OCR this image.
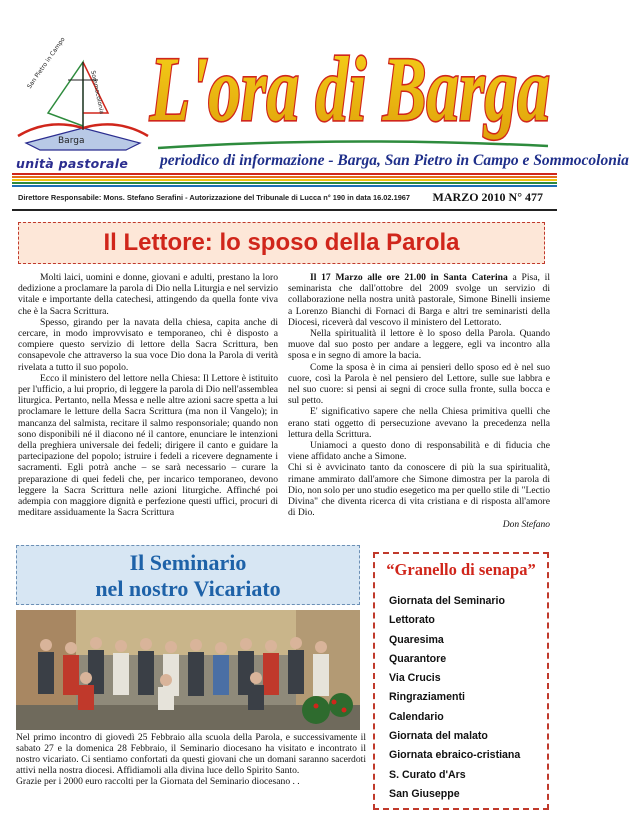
San Pietro in Campo
Sommocolonia
Barga
unità pastorale
L'ora di Barga
periodico di informazione - Barga, San Pietro in Campo e Sommocolonia
Direttore Responsabile: Mons. Stefano Serafini - Autorizzazione del Tribunale di Lucca n° 190 in data 16.02.1967 MARZO 2010 N° 477
Il Lettore: lo sposo della Parola

Molti laici, uomini e donne, giovani e adulti, prestano la loro dedizione a proclamare la parola di Dio nella Liturgia e nel servizio vitale e importante della catechesi, attingendo da quella fonte viva che è la Sacra Scrittura.

Spesso, girando per la navata della chiesa, capita anche di cercare, in modo improvvisato e temporaneo, chi è disposto a compiere questo servizio di lettore della Sacra Scrittura, ben consapevole che attraverso la sua voce Dio dona la Parola di verità rivelata a tutto il suo popolo.

Ecco il ministero del lettore nella Chiesa: Il Lettore è istituito per l'ufficio, a lui proprio, di leggere la parola di Dio nell'assemblea liturgica. Pertanto, nella Messa e nelle altre azioni sacre spetta a lui proclamare le letture della Sacra Scrittura (ma non il Vangelo); in mancanza del salmista, recitare il salmo responsoriale; quando non sono disponibili né il diacono né il cantore, enunciare le intenzioni della preghiera universale dei fedeli; dirigere il canto e guidare la partecipazione del popolo; istruire i fedeli a ricevere degnamente i sacramenti. Egli potrà anche – se sarà necessario – curare la preparazione di quei fedeli che, per incarico temporaneo, devono leggere la Sacra Scrittura nelle azioni liturgiche. Affinché poi adempia con maggiore dignità e perfezione questi uffici, procuri di meditare assiduamente la Sacra Scrittura

Il 17 Marzo alle ore 21.00 in Santa Caterina a Pisa, il seminarista che dall'ottobre del 2009 svolge un servizio di collaborazione nella nostra unità pastorale, Simone Binelli insieme a Lorenzo Bianchi di Fornaci di Barga e altri tre seminaristi della Diocesi, riceverà dal vescovo il ministero del Lettorato.

Nella spiritualità il lettore è lo sposo della Parola. Quando muove dal suo posto per andare a leggere, egli va incontro alla sposa e in segno di amore la bacia.

Come la sposa è in cima ai pensieri dello sposo ed è nel suo cuore, così la Parola è nel pensiero del Lettore, sulle sue labbra e nel suo cuore: si pensi ai segni di croce sulla fronte, sulla bocca e sul petto.

E' significativo sapere che nella Chiesa primitiva quelli che erano stati oggetto di persecuzione avevano la precedenza nella lettura della Scrittura.

Uniamoci a questo dono di responsabilità e di fiducia che viene affidato anche a Simone.

Chi si è avvicinato tanto da conoscere di più la sua spiritualità, rimane ammirato dall'amore che Simone dimostra per la parola di Dio, non solo per uno studio esegetico ma per quello stile di "Lectio Divina" che diventa ricerca di vita cristiana e di risposta all'amore di Dio.

Don Stefano
Il Seminario
nel nostro Vicariato

Nel primo incontro di giovedì 25 Febbraio alla scuola della Parola, e successivamente il sabato 27 e la domenica 28 Febbraio, il Seminario diocesano ha visitato e incontrato il nostro vicariato. Ci sentiamo confortati da questi giovani che un domani saranno sacerdoti attivi nella nostra diocesi. Affidiamoli alla divina luce dello Spirito Santo.

Grazie per i 2000 euro raccolti per la Giornata del Seminario diocesano . .

“Granello di senapa”
Giornata del Seminario
Lettorato
Quaresima
Quarantore
Via Crucis
Ringraziamenti
Calendario
Giornata del malato
Giornata ebraico-cristiana
S. Curato d'Ars
San Giuseppe
